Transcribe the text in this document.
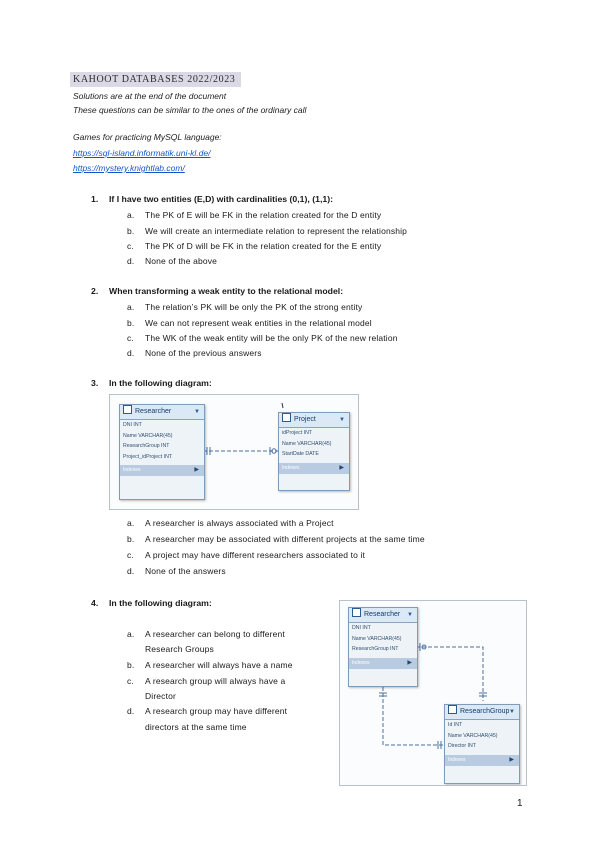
KAHOOT DATABASES 2022/2023
Solutions are at the end of the document
These questions can be similar to the ones of the ordinary call
Games for practicing MySQL language:
https://sql-island.informatik.uni-kl.de/
https://mystery.knightlab.com/
1. If I have two entities (E,D) with cardinalities (0,1), (1,1):
a. The PK of E will be FK in the relation created for the D entity
b. We will create an intermediate relation to represent the relationship
c. The PK of D will be FK in the relation created for the E entity
d. None of the above
2. When transforming a weak entity to the relational model:
a. The relation’s PK will be only the PK of the strong entity
b. We can not represent weak entities in the relational model
c. The WK of the weak entity will be the only PK of the new relation
d. None of the previous answers
3. In the following diagram:
Researcher	▼
DNI INT
Name VARCHAR(45)
ResearchGroup INT
Project_idProject INT
Indexes	▶
Project	▼
idProject INT
Name VARCHAR(45)
StartDate DATE
Indexes	▶
a. A researcher is always associated with a Project
b. A researcher may be associated with different projects at the same time
c. A project may have different researchers associated to it
d. None of the answers
4. In the following diagram:
a. A researcher can belong to different
Research Groups
b. A researcher will always have a name
c. A research group will always have a
Director
d. A research group may have different
directors at the same time
Researcher ▼
DNI INT
Name VARCHAR(45)
ResearchGroup INT
Indexes	▶
ResearchGroup ▼
Id INT
Name VARCHAR(45)
Director INT
Indexes	▶
1
